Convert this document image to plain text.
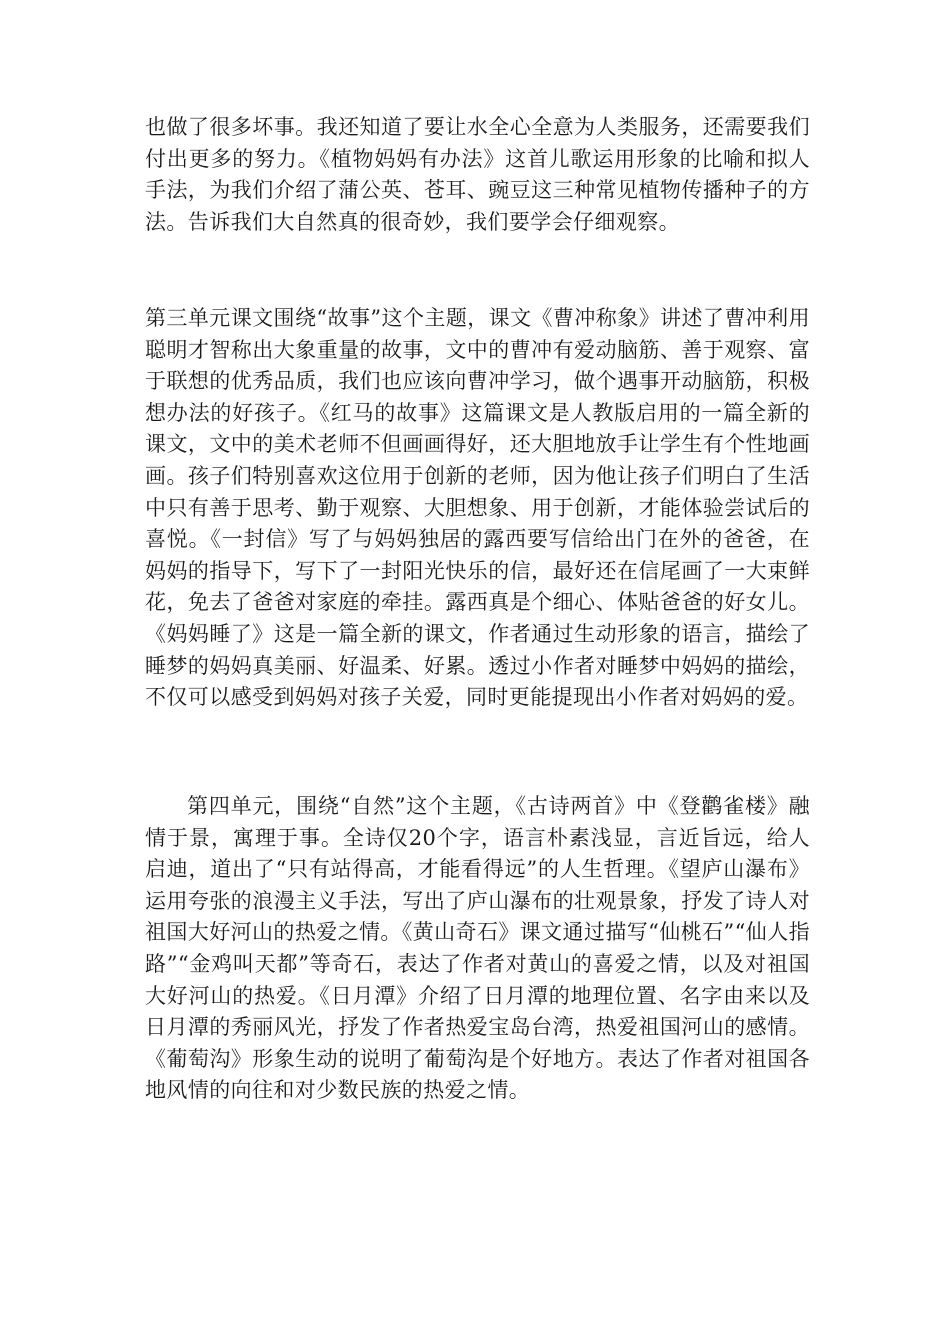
也做了很多坏事。我还知道了要让水全心全意为人类服务，还需要我们付出更多的努力。《植物妈妈有办法》这首儿歌运用形象的比喻和拟人手法，为我们介绍了蒲公英、苍耳、豌豆这三种常见植物传播种子的方法。告诉我们大自然真的很奇妙，我们要学会仔细观察。

第三单元课文围绕“故事”这个主题，课文《曹冲称象》讲述了曹冲利用聪明才智称出大象重量的故事，文中的曹冲有爱动脑筋、善于观察、富于联想的优秀品质，我们也应该向曹冲学习，做个遇事开动脑筋，积极想办法的好孩子。《红马的故事》这篇课文是人教版启用的一篇全新的课文，文中的美术老师不但画画得好，还大胆地放手让学生有个性地画画。孩子们特别喜欢这位用于创新的老师，因为他让孩子们明白了生活中只有善于思考、勤于观察、大胆想象、用于创新，才能体验尝试后的喜悦。《一封信》写了与妈妈独居的露西要写信给出门在外的爸爸，在妈妈的指导下，写下了一封阳光快乐的信，最好还在信尾画了一大束鲜花，免去了爸爸对家庭的牵挂。露西真是个细心、体贴爸爸的好女儿。《妈妈睡了》这是一篇全新的课文，作者通过生动形象的语言，描绘了睡梦的妈妈真美丽、好温柔、好累。透过小作者对睡梦中妈妈的描绘，不仅可以感受到妈妈对孩子关爱，同时更能提现出小作者对妈妈的爱。

第四单元，围绕“自然”这个主题，《古诗两首》中《登鹳雀楼》融情于景，寓理于事。全诗仅20个字，语言朴素浅显，言近旨远，给人启迪，道出了“只有站得高，才能看得远”的人生哲理。《望庐山瀑布》运用夸张的浪漫主义手法，写出了庐山瀑布的壮观景象，抒发了诗人对祖国大好河山的热爱之情。《黄山奇石》课文通过描写“仙桃石”“仙人指路”“金鸡叫天都”等奇石，表达了作者对黄山的喜爱之情，以及对祖国大好河山的热爱。《日月潭》介绍了日月潭的地理位置、名字由来以及日月潭的秀丽风光，抒发了作者热爱宝岛台湾，热爱祖国河山的感情。《葡萄沟》形象生动的说明了葡萄沟是个好地方。表达了作者对祖国各地风情的向往和对少数民族的热爱之情。
